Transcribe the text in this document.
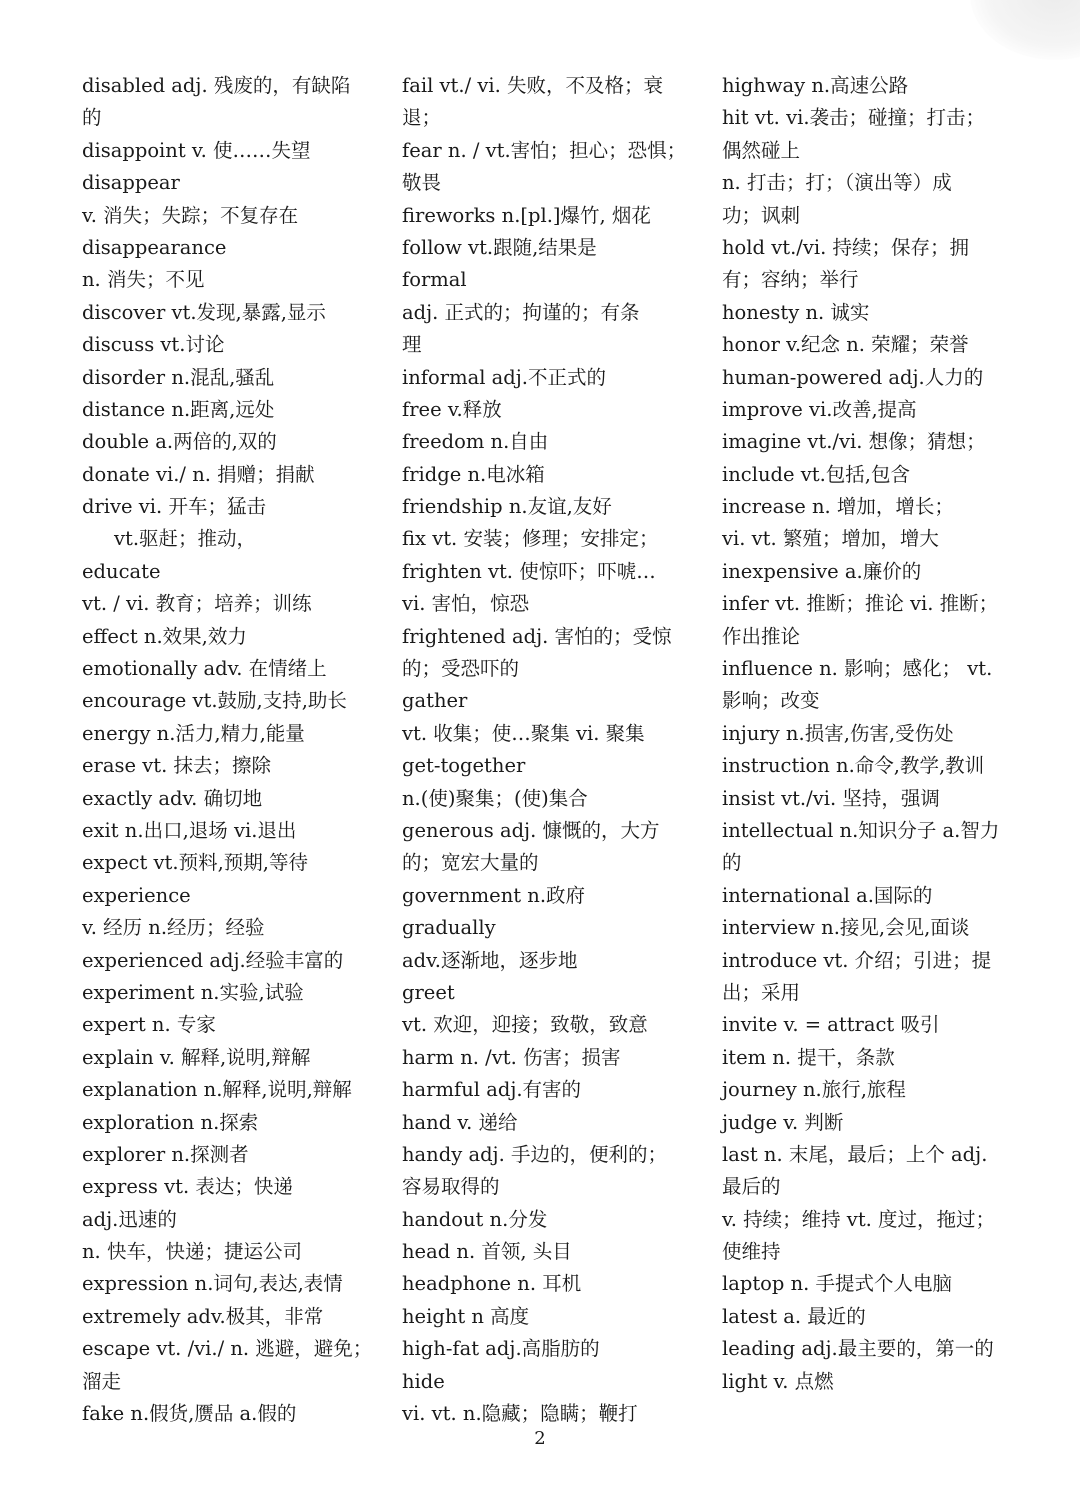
disabled adj. 残废的，有缺陷
的
disappoint v. 使……失望
disappear
v. 消失；失踪；不复存在
disappearance
n. 消失；不见
discover vt.发现,暴露,显示
discuss vt.讨论
disorder n.混乱,骚乱
distance n.距离,远处
double a.两倍的,双的
donate vi./ n. 捐赠；捐献
drive vi. 开车；猛击
vt.驱赶；推动，
educate
vt. / vi. 教育；培养；训练
effect n.效果,效力
emotionally adv. 在情绪上
encourage vt.鼓励,支持,助长
energy n.活力,精力,能量
erase vt. 抹去；擦除
exactly adv. 确切地
exit n.出口,退场 vi.退出
expect vt.预料,预期,等待
experience
v. 经历 n.经历；经验
experienced adj.经验丰富的
experiment n.实验,试验
expert n. 专家
explain v. 解释,说明,辩解
explanation n.解释,说明,辩解
exploration n.探索
explorer n.探测者
express vt. 表达；快递
adj.迅速的
n. 快车，快递；捷运公司
expression n.词句,表达,表情
extremely adv.极其，非常
escape vt. /vi./ n. 逃避，避免；
溜走
fake n.假货,赝品 a.假的
fail vt./ vi. 失败，不及格；衰
退；
fear n. / vt.害怕；担心；恐惧；
敬畏
fireworks n.[pl.]爆竹, 烟花
follow vt.跟随,结果是
formal
adj. 正式的；拘谨的；有条
理
informal adj.不正式的
free v.释放
freedom n.自由
fridge n.电冰箱
friendship n.友谊,友好
fix vt. 安装；修理；安排定；
frighten vt. 使惊吓；吓唬…
vi. 害怕，惊恐
frightened adj. 害怕的；受惊
的；受恐吓的
gather
vt. 收集；使…聚集 vi. 聚集
get-together
n.(使)聚集；(使)集合
generous adj. 慷慨的，大方
的；宽宏大量的
government n.政府
gradually
adv.逐渐地，逐步地
greet
vt. 欢迎，迎接；致敬，致意
harm n. /vt. 伤害；损害
harmful adj.有害的
hand v. 递给
handy adj. 手边的，便利的；
容易取得的
handout n.分发
head n. 首领, 头目
headphone n. 耳机
height n 高度
high-fat adj.高脂肪的
hide
vi. vt. n.隐藏；隐瞒；鞭打
highway n.高速公路
hit vt. vi.袭击；碰撞；打击；
偶然碰上
n. 打击；打；（演出等）成
功；讽刺
hold vt./vi. 持续；保存；拥
有；容纳；举行
honesty n. 诚实
honor v.纪念 n. 荣耀；荣誉
human-powered adj.人力的
improve vi.改善,提高
imagine vt./vi. 想像；猜想；
include vt.包括,包含
increase n. 增加，增长；
vi. vt. 繁殖；增加，增大
inexpensive a.廉价的
infer vt. 推断；推论 vi. 推断；
作出推论
influence n. 影响；感化； vt.
影响；改变
injury n.损害,伤害,受伤处
instruction n.命令,教学,教训
insist vt./vi. 坚持，强调
intellectual n.知识分子 a.智力
的
international a.国际的
interview n.接见,会见,面谈
introduce vt. 介绍；引进；提
出；采用
invite v. = attract 吸引
item n. 提干，条款
journey n.旅行,旅程
judge v. 判断
last n. 末尾，最后；上个 adj.
最后的
v. 持续；维持 vt. 度过，拖过；
使维持
laptop n. 手提式个人电脑
latest a. 最近的
leading adj.最主要的，第一的
light v. 点燃
2
